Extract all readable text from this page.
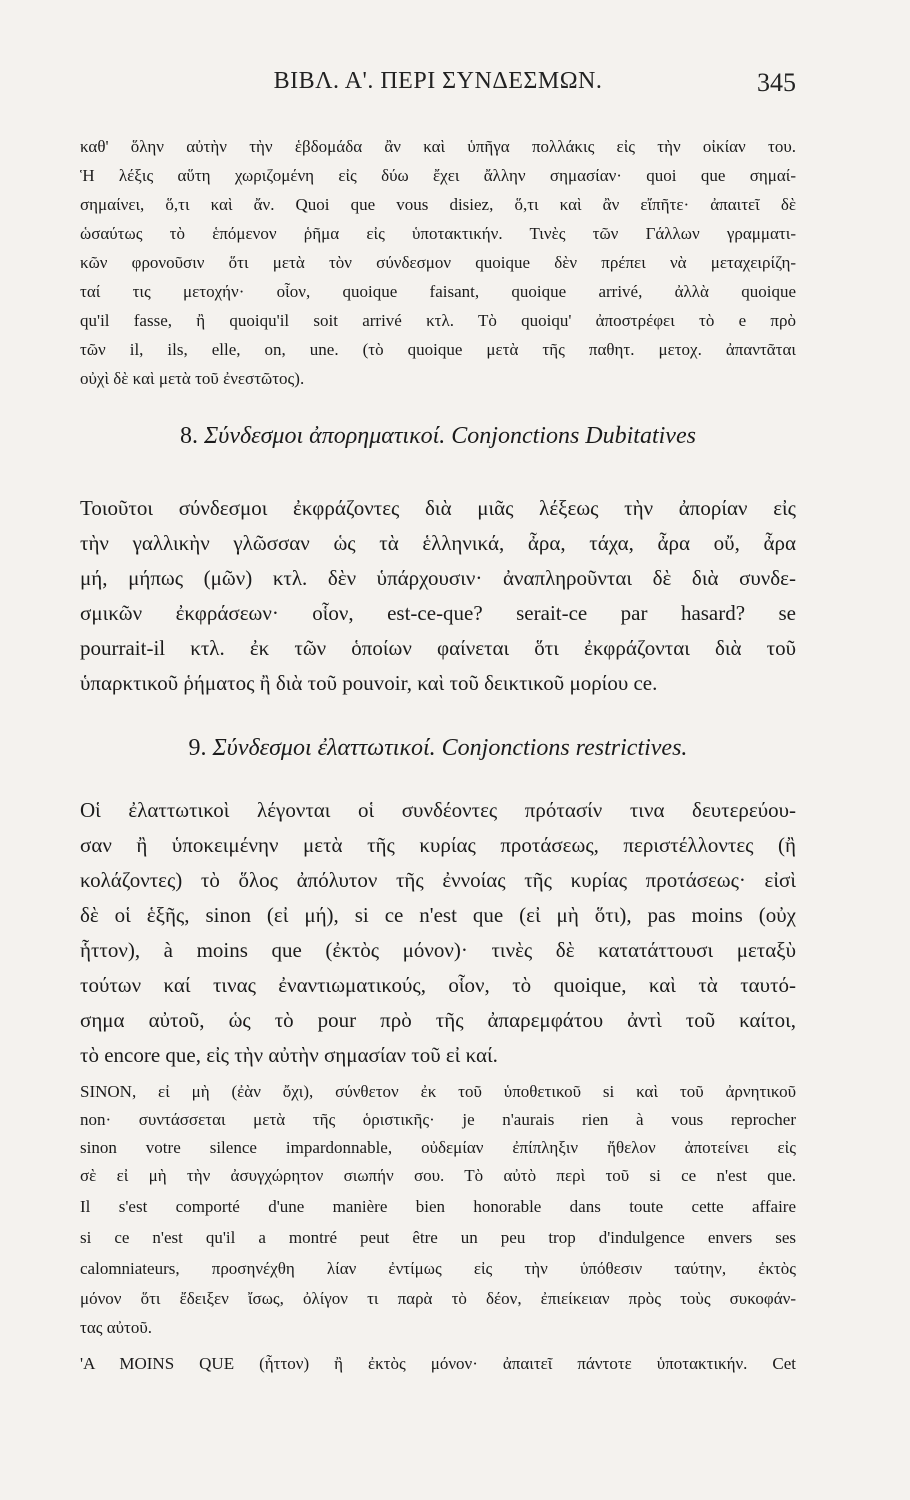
ΒΙΒΛ. Α'. ΠΕΡΙ ΣΥΝΔΕΣΜΩΝ.	345
καθ' ὅλην αὐτὴν τὴν ἑβδομάδα ἂν καὶ ὑπῆγα πολλάκις εἰς τὴν οἰκίαν του.
Ἡ λέξις αὕτη χωριζομένη εἰς δύω ἔχει ἄλλην σημασίαν· quoi que σημαί-
σημαίνει, ὅ,τι καὶ ἄν. Quoi que vous disiez, ὅ,τι καὶ ἂν εἴπῆτε· ἀπαιτεῖ δὲ
ὡσαύτως τὸ ἑπόμενον ῥῆμα εἰς ὑποτακτικήν. Τινὲς τῶν Γάλλων γραμματι-
κῶν φρονοῦσιν ὅτι μετὰ τὸν σύνδεσμον quoique δὲν πρέπει νὰ μεταχειρίζη-
ταί τις μετοχήν· οἷον, quoique faisant, quoique arrivé, ἀλλὰ quoique
qu'il fasse, ἢ quoiqu'il soit arrivé κτλ. Τὸ quoiqu' ἀποστρέφει τὸ e πρὸ
τῶν il, ils, elle, on, une. (τὸ quoique μετὰ τῆς παθητ. μετοχ. ἀπαντᾶται
οὐχὶ δὲ καὶ μετὰ τοῦ ἐνεστῶτος).
8. Σύνδεσμοι ἀπορηματικοί. Conjonctions Dubitatives
Τοιοῦτοι σύνδεσμοι ἐκφράζοντες διὰ μιᾶς λέξεως τὴν ἀπορίαν εἰς
τὴν γαλλικὴν γλῶσσαν ὡς τὰ ἑλληνικά, ἆρα, τάχα, ἆρα οὔ, ἆρα
μή, μήπως (μῶν) κτλ. δὲν ὑπάρχουσιν· ἀναπληροῦνται δὲ διὰ συνδε-
σμικῶν ἐκφράσεων· οἷον, est-ce-que? serait-ce par hasard? se
pourrait-il κτλ. ἐκ τῶν ὁποίων φαίνεται ὅτι ἐκφράζονται διὰ τοῦ
ὑπαρκτικοῦ ῥήματος ἢ διὰ τοῦ pouvoir, καὶ τοῦ δεικτικοῦ μορίου ce.
9. Σύνδεσμοι ἐλαττωτικοί. Conjonctions restrictives.
Οἱ ἐλαττωτικοὶ λέγονται οἱ συνδέοντες πρότασίν τινα δευτερεύου-
σαν ἢ ὑποκειμένην μετὰ τῆς κυρίας προτάσεως, περιστέλλοντες (ἢ
κολάζοντες) τὸ ὅλος ἀπόλυτον τῆς ἐννοίας τῆς κυρίας προτάσεως· εἰσὶ
δὲ οἱ ἑξῆς, sinon (εἰ μή), si ce n'est que (εἰ μὴ ὅτι), pas moins (οὐχ
ἧττον), à moins que (ἐκτὸς μόνον)· τινὲς δὲ κατατάττουσι μεταξὺ
τούτων καί τινας ἐναντιωματικούς, οἷον, τὸ quoique, καὶ τὰ ταυτό-
σημα αὐτοῦ, ὡς τὸ pour πρὸ τῆς ἀπαρεμφάτου ἀντὶ τοῦ καίτοι,
τὸ encore que, εἰς τὴν αὐτὴν σημασίαν τοῦ εἰ καί.
SINON, εἰ μὴ (ἐὰν ὄχι), σύνθετον ἐκ τοῦ ὑποθετικοῦ si καὶ τοῦ ἀρνητικοῦ
non· συντάσσεται μετὰ τῆς ὁριστικῆς· je n'aurais rien à vous reprocher
sinon votre silence impardonnable, οὐδεμίαν ἐπίπληξιν ἤθελον ἀποτείνει εἰς
σὲ εἰ μὴ τὴν ἀσυγχώρητον σιωπήν σου. Τὸ αὐτὸ περὶ τοῦ si ce n'est que.
Il s'est comporté d'une manière bien honorable dans toute cette affaire
si ce n'est qu'il a montré peut être un peu trop d'indulgence envers ses
calomniateurs, προσηνέχθη λίαν ἐντίμως εἰς τὴν ὑπόθεσιν ταύτην, ἐκτὸς
μόνον ὅτι ἔδειξεν ἴσως, ὀλίγον τι παρὰ τὸ δέον, ἐπιείκειαν πρὸς τοὺς συκοφάν-
τας αὐτοῦ.
'A MOINS QUE (ἧττον) ἢ ἐκτὸς μόνον· ἀπαιτεῖ πάντοτε ὑποτακτικήν. Cet
